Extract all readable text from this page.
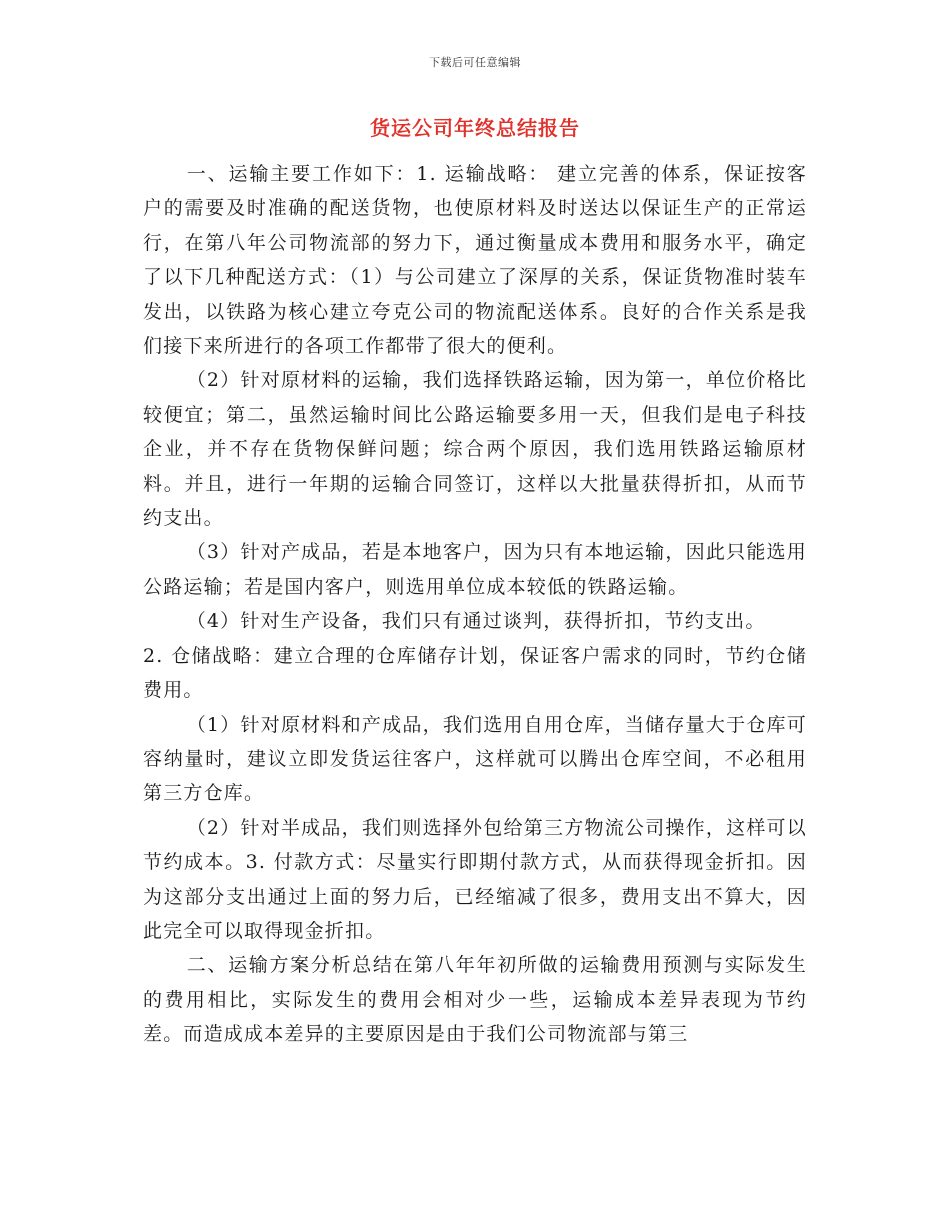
下载后可任意编辑
货运公司年终总结报告

一、运输主要工作如下：1. 运输战略： 建立完善的体系，保证按客户的需要及时准确的配送货物，也使原材料及时送达以保证生产的正常运行，在第八年公司物流部的努力下，通过衡量成本费用和服务水平，确定了以下几种配送方式：（1）与公司建立了深厚的关系，保证货物准时装车发出，以铁路为核心建立夸克公司的物流配送体系。良好的合作关系是我们接下来所进行的各项工作都带了很大的便利。

（2）针对原材料的运输，我们选择铁路运输，因为第一，单位价格比较便宜；第二，虽然运输时间比公路运输要多用一天，但我们是电子科技企业，并不存在货物保鲜问题；综合两个原因，我们选用铁路运输原材料。并且，进行一年期的运输合同签订，这样以大批量获得折扣，从而节约支出。

（3）针对产成品，若是本地客户，因为只有本地运输，因此只能选用公路运输；若是国内客户，则选用单位成本较低的铁路运输。

（4）针对生产设备，我们只有通过谈判，获得折扣，节约支出。

2. 仓储战略：建立合理的仓库储存计划，保证客户需求的同时，节约仓储费用。

（1）针对原材料和产成品，我们选用自用仓库，当储存量大于仓库可容纳量时，建议立即发货运往客户，这样就可以腾出仓库空间，不必租用第三方仓库。

（2）针对半成品，我们则选择外包给第三方物流公司操作，这样可以节约成本。3. 付款方式：尽量实行即期付款方式，从而获得现金折扣。因为这部分支出通过上面的努力后，已经缩减了很多，费用支出不算大，因此完全可以取得现金折扣。

二、运输方案分析总结在第八年年初所做的运输费用预测与实际发生的费用相比，实际发生的费用会相对少一些，运输成本差异表现为节约差。而造成成本差异的主要原因是由于我们公司物流部与第三
